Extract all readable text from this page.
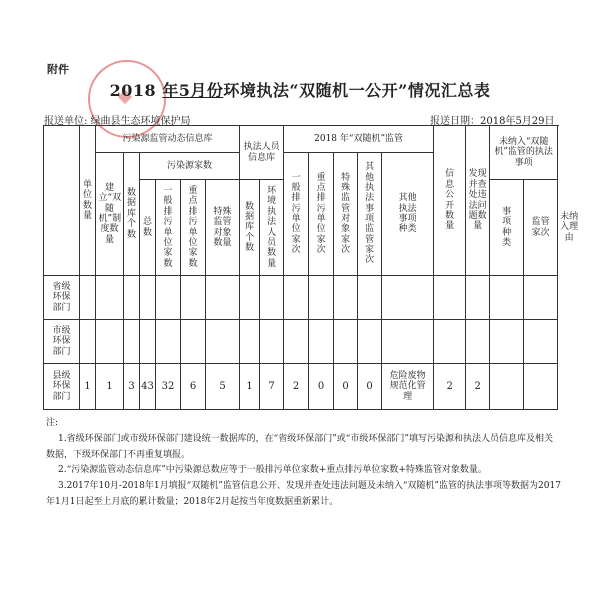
附件
2018 年5月份环境执法“双随机一公开”情况汇总表
报送单位: 绿曲县生态环境保护局	报送日期：2018年5月29日

	单位数量	污染源监管动态信息库						执法人员信息库		2018 年“双随机”监管					信息公开数量	发现并查处违法问题数量	未纳入“双随机”监管的执法事项		

		建立“双随机”制度数量	数据库个数	污染源家数						一般排污单位家次	重点排污单位家次	特殊监管对象家次	其他执法事项监管家次	其他执法事项种类					

				总数	一般排污单位家数	重点排污单位家数	特殊监管对象数量	数据库个数	环境执法人员数量								事项种类	监管家次	未纳入理由

省级环保部门																			

市级环保部门																			

县级环保部门	1	1	3	43	32	6	5	1	7	2	0	0	0	危险废物规范化管理	2	2			

注:

1.省级环保部门或市级环保部门建设统一数据库的，在“省级环保部门”或“市级环保部门”填写污染源和执法人员信息库及相关数据，下级环保部门不再重复填报。

2.“污染源监管动态信息库”中污染源总数应等于一般排污单位家数+重点排污单位家数+特殊监管对象数量。

3.2017年10月-2018年1月填报“双随机”监管信息公开、发现并查处违法问题及未纳入“双随机”监管的执法事项等数据为2017年1月1日起至上月底的累计数量；2018年2月起按当年度数据重新累计。
